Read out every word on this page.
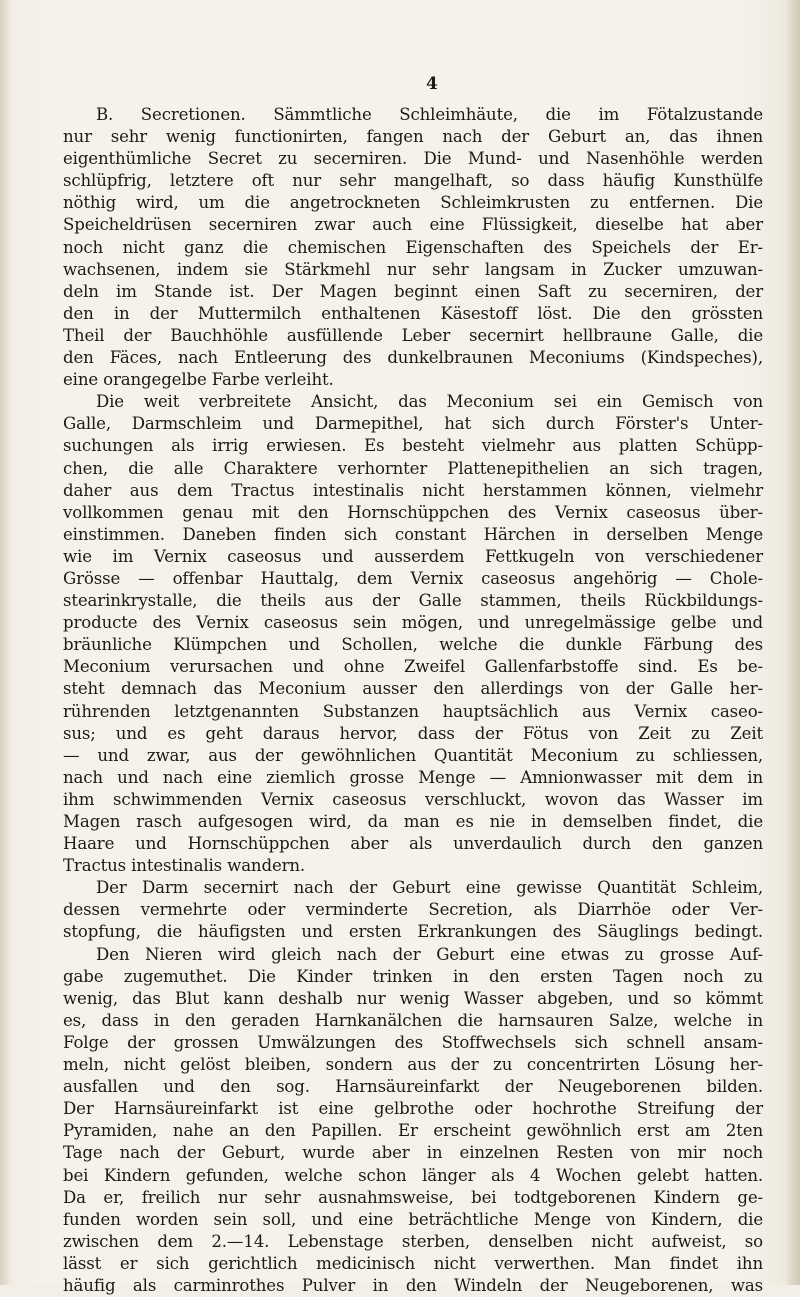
4
B. Secretionen. Sämmtliche Schleimhäute, die im Fötalzustande
nur sehr wenig functionirten, fangen nach der Geburt an, das ihnen
eigenthümliche Secret zu secerniren. Die Mund- und Nasenhöhle werden
schlüpfrig, letztere oft nur sehr mangelhaft, so dass häufig Kunsthülfe
nöthig wird, um die angetrockneten Schleimkrusten zu entfernen. Die
Speicheldrüsen secerniren zwar auch eine Flüssigkeit, dieselbe hat aber
noch nicht ganz die chemischen Eigenschaften des Speichels der Er-
wachsenen, indem sie Stärkmehl nur sehr langsam in Zucker umzuwan-
deln im Stande ist. Der Magen beginnt einen Saft zu secerniren, der
den in der Muttermilch enthaltenen Käsestoff löst. Die den grössten
Theil der Bauchhöhle ausfüllende Leber secernirt hellbraune Galle, die
den Fäces, nach Entleerung des dunkelbraunen Meconiums (Kindspeches),
eine orangegelbe Farbe verleiht.
Die weit verbreitete Ansicht, das Meconium sei ein Gemisch von
Galle, Darmschleim und Darmepithel, hat sich durch Förster's Unter-
suchungen als irrig erwiesen. Es besteht vielmehr aus platten Schüpp-
chen, die alle Charaktere verhornter Plattenepithelien an sich tragen,
daher aus dem Tractus intestinalis nicht herstammen können, vielmehr
vollkommen genau mit den Hornschüppchen des Vernix caseosus über-
einstimmen. Daneben finden sich constant Härchen in derselben Menge
wie im Vernix caseosus und ausserdem Fettkugeln von verschiedener
Grösse — offenbar Hauttalg, dem Vernix caseosus angehörig — Chole-
stearinkrystalle, die theils aus der Galle stammen, theils Rückbildungs-
producte des Vernix caseosus sein mögen, und unregelmässige gelbe und
bräunliche Klümpchen und Schollen, welche die dunkle Färbung des
Meconium verursachen und ohne Zweifel Gallenfarbstoffe sind. Es be-
steht demnach das Meconium ausser den allerdings von der Galle her-
rührenden letztgenannten Substanzen hauptsächlich aus Vernix caseo-
sus; und es geht daraus hervor, dass der Fötus von Zeit zu Zeit
— und zwar, aus der gewöhnlichen Quantität Meconium zu schliessen,
nach und nach eine ziemlich grosse Menge — Amnionwasser mit dem in
ihm schwimmenden Vernix caseosus verschluckt, wovon das Wasser im
Magen rasch aufgesogen wird, da man es nie in demselben findet, die
Haare und Hornschüppchen aber als unverdaulich durch den ganzen
Tractus intestinalis wandern.
Der Darm secernirt nach der Geburt eine gewisse Quantität Schleim,
dessen vermehrte oder verminderte Secretion, als Diarrhöe oder Ver-
stopfung, die häufigsten und ersten Erkrankungen des Säuglings bedingt.
Den Nieren wird gleich nach der Geburt eine etwas zu grosse Auf-
gabe zugemuthet. Die Kinder trinken in den ersten Tagen noch zu
wenig, das Blut kann deshalb nur wenig Wasser abgeben, und so kömmt
es, dass in den geraden Harnkanälchen die harnsauren Salze, welche in
Folge der grossen Umwälzungen des Stoffwechsels sich schnell ansam-
meln, nicht gelöst bleiben, sondern aus der zu concentrirten Lösung her-
ausfallen und den sog. Harnsäureinfarkt der Neugeborenen bilden.
Der Harnsäureinfarkt ist eine gelbrothe oder hochrothe Streifung der
Pyramiden, nahe an den Papillen. Er erscheint gewöhnlich erst am 2ten
Tage nach der Geburt, wurde aber in einzelnen Resten von mir noch
bei Kindern gefunden, welche schon länger als 4 Wochen gelebt hatten.
Da er, freilich nur sehr ausnahmsweise, bei todtgeborenen Kindern ge-
funden worden sein soll, und eine beträchtliche Menge von Kindern, die
zwischen dem 2.—14. Lebenstage sterben, denselben nicht aufweist, so
lässt er sich gerichtlich medicinisch nicht verwerthen. Man findet ihn
häufig als carminrothes Pulver in den Windeln der Neugeborenen, was
